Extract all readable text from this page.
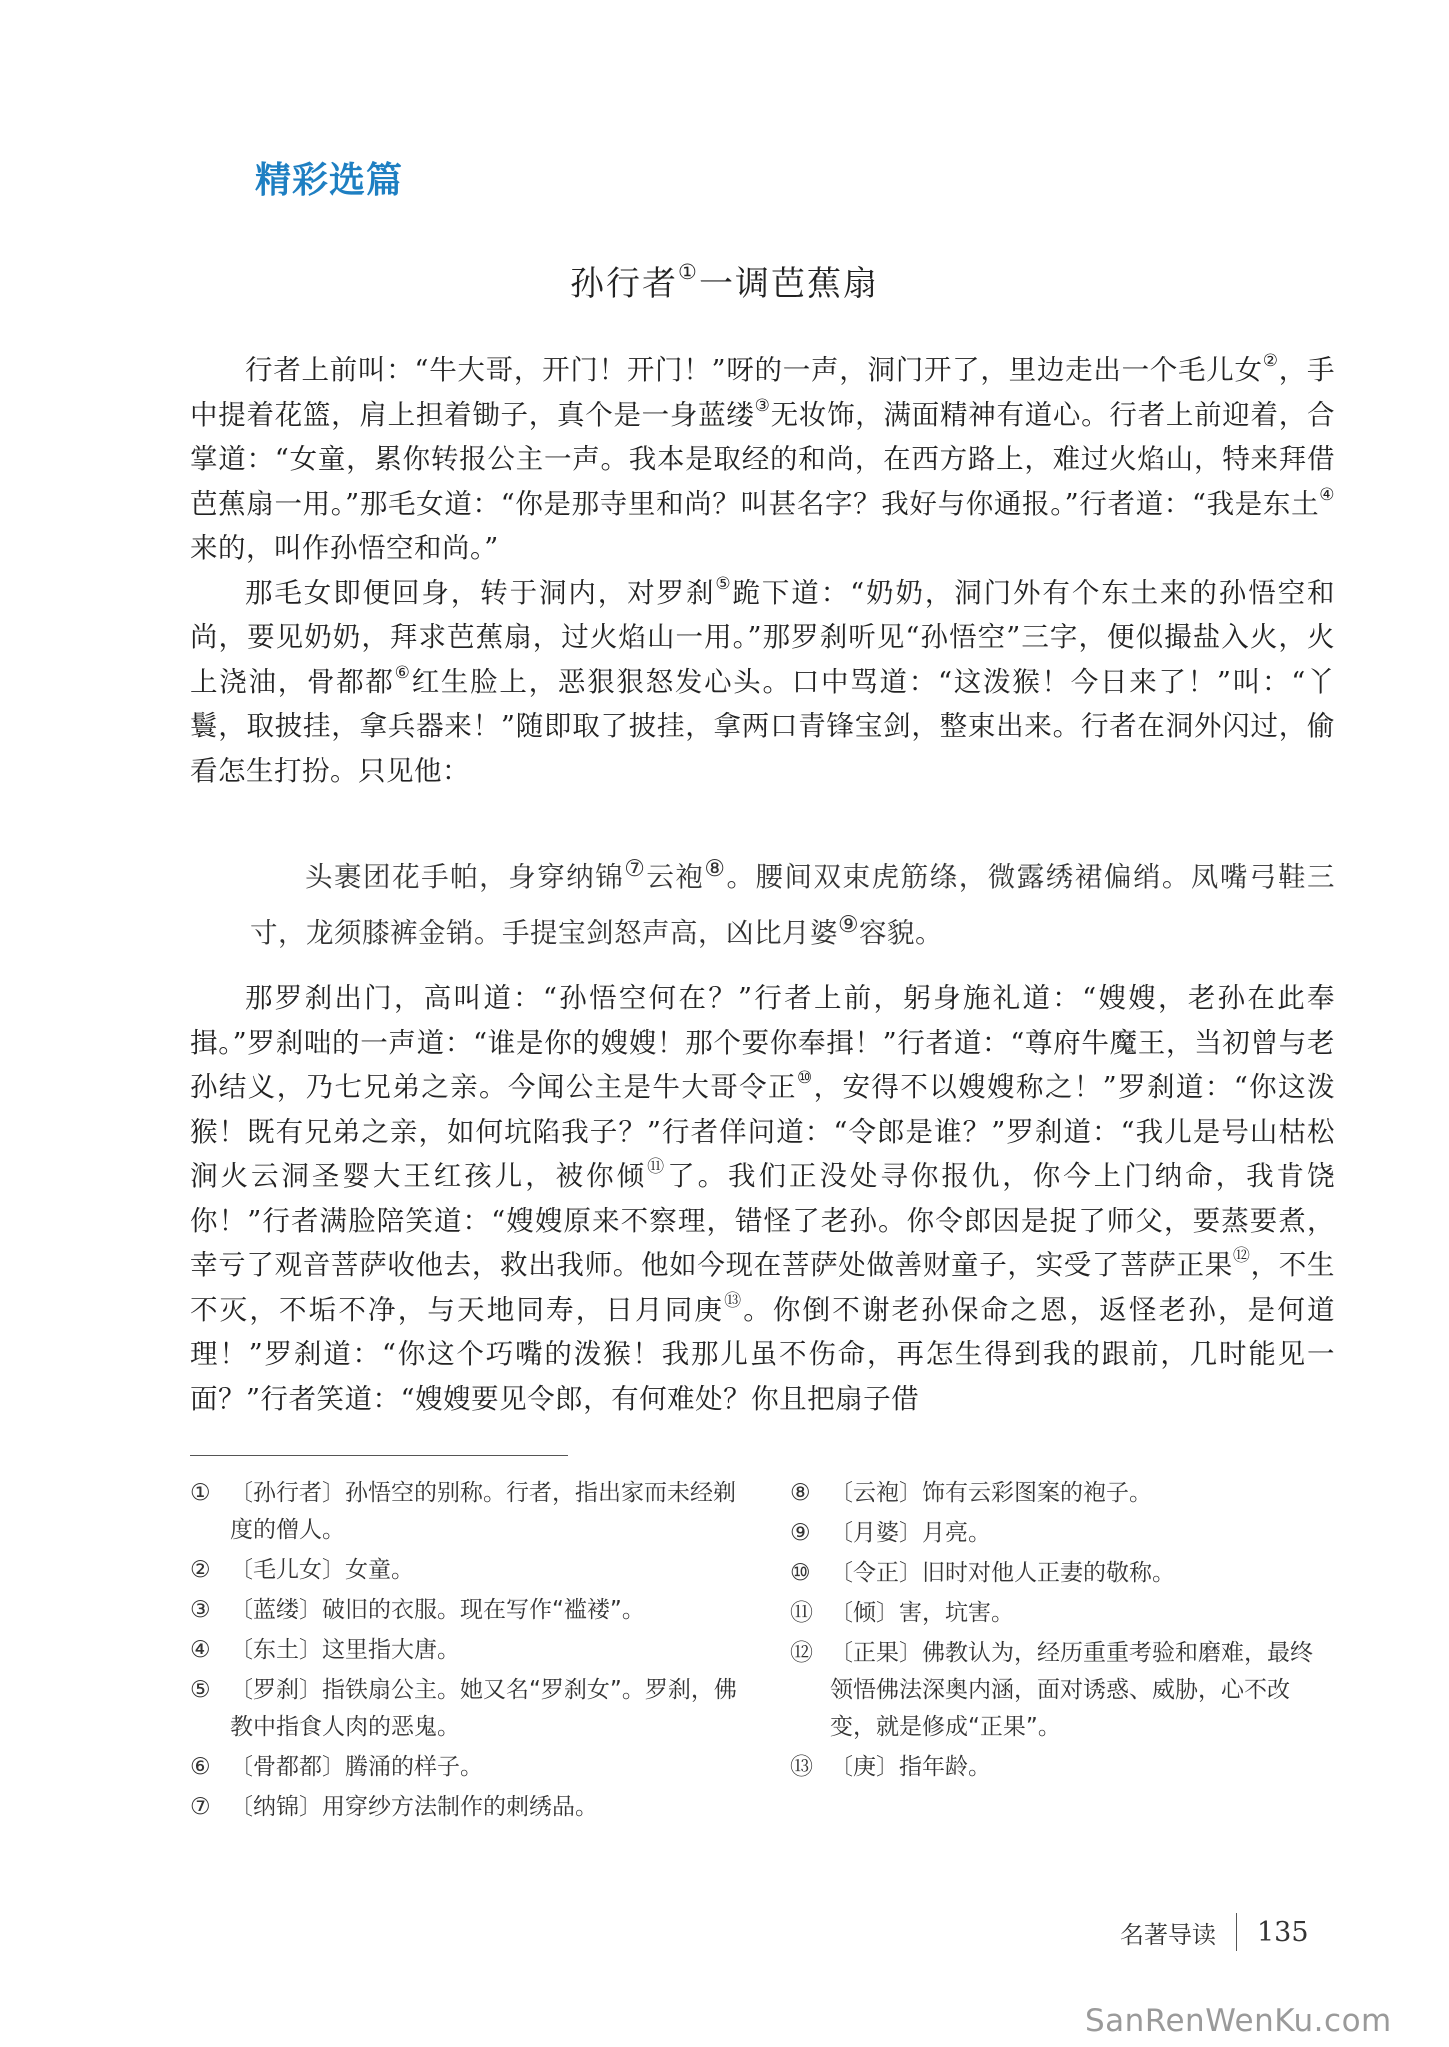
精彩选篇
孙行者①一调芭蕉扇

行者上前叫：“牛大哥，开门！开门！”呀的一声，洞门开了，里边走出一个毛儿女②，手中提着花篮，肩上担着锄子，真个是一身蓝缕③无妆饰，满面精神有道心。行者上前迎着，合掌道：“女童，累你转报公主一声。我本是取经的和尚，在西方路上，难过火焰山，特来拜借芭蕉扇一用。”那毛女道：“你是那寺里和尚？叫甚名字？我好与你通报。”行者道：“我是东土④来的，叫作孙悟空和尚。”

那毛女即便回身，转于洞内，对罗刹⑤跪下道：“奶奶，洞门外有个东土来的孙悟空和尚，要见奶奶，拜求芭蕉扇，过火焰山一用。”那罗刹听见“孙悟空”三字，便似撮盐入火，火上浇油，骨都都⑥红生脸上，恶狠狠怒发心头。口中骂道：“这泼猴！今日来了！”叫：“丫鬟，取披挂，拿兵器来！”随即取了披挂，拿两口青锋宝剑，整束出来。行者在洞外闪过，偷看怎生打扮。只见他：

头裹团花手帕，身穿纳锦⑦云袍⑧。腰间双束虎筋绦，微露绣裙偏绡。凤嘴弓鞋三寸，龙须膝裤金销。手提宝剑怒声高，凶比月婆⑨容貌。

那罗刹出门，高叫道：“孙悟空何在？”行者上前，躬身施礼道：“嫂嫂，老孙在此奉揖。”罗刹咄的一声道：“谁是你的嫂嫂！那个要你奉揖！”行者道：“尊府牛魔王，当初曾与老孙结义，乃七兄弟之亲。今闻公主是牛大哥令正⑩，安得不以嫂嫂称之！”罗刹道：“你这泼猴！既有兄弟之亲，如何坑陷我子？”行者佯问道：“令郎是谁？”罗刹道：“我儿是号山枯松涧火云洞圣婴大王红孩儿，被你倾⑪了。我们正没处寻你报仇，你今上门纳命，我肯饶你！”行者满脸陪笑道：“嫂嫂原来不察理，错怪了老孙。你令郎因是捉了师父，要蒸要煮，幸亏了观音菩萨收他去，救出我师。他如今现在菩萨处做善财童子，实受了菩萨正果⑫，不生不灭，不垢不净，与天地同寿，日月同庚⑬。你倒不谢老孙保命之恩，返怪老孙，是何道理！”罗刹道：“你这个巧嘴的泼猴！我那儿虽不伤命，再怎生得到我的跟前，几时能见一面？”行者笑道：“嫂嫂要见令郎，有何难处？你且把扇子借

① 〔孙行者〕孙悟空的别称。行者，指出家而未经剃度的僧人。

② 〔毛儿女〕女童。

③ 〔蓝缕〕破旧的衣服。现在写作“褴褛”。

④ 〔东土〕这里指大唐。

⑤ 〔罗刹〕指铁扇公主。她又名“罗刹女”。罗刹，佛教中指食人肉的恶鬼。

⑥ 〔骨都都〕腾涌的样子。

⑦ 〔纳锦〕用穿纱方法制作的刺绣品。

⑧ 〔云袍〕饰有云彩图案的袍子。

⑨ 〔月婆〕月亮。

⑩ 〔令正〕旧时对他人正妻的敬称。

⑪ 〔倾〕害，坑害。

⑫ 〔正果〕佛教认为，经历重重考验和磨难，最终领悟佛法深奥内涵，面对诱惑、威胁，心不改变，就是修成“正果”。

⑬ 〔庚〕指年龄。

名著导读 135
SanRenWenKu.com
